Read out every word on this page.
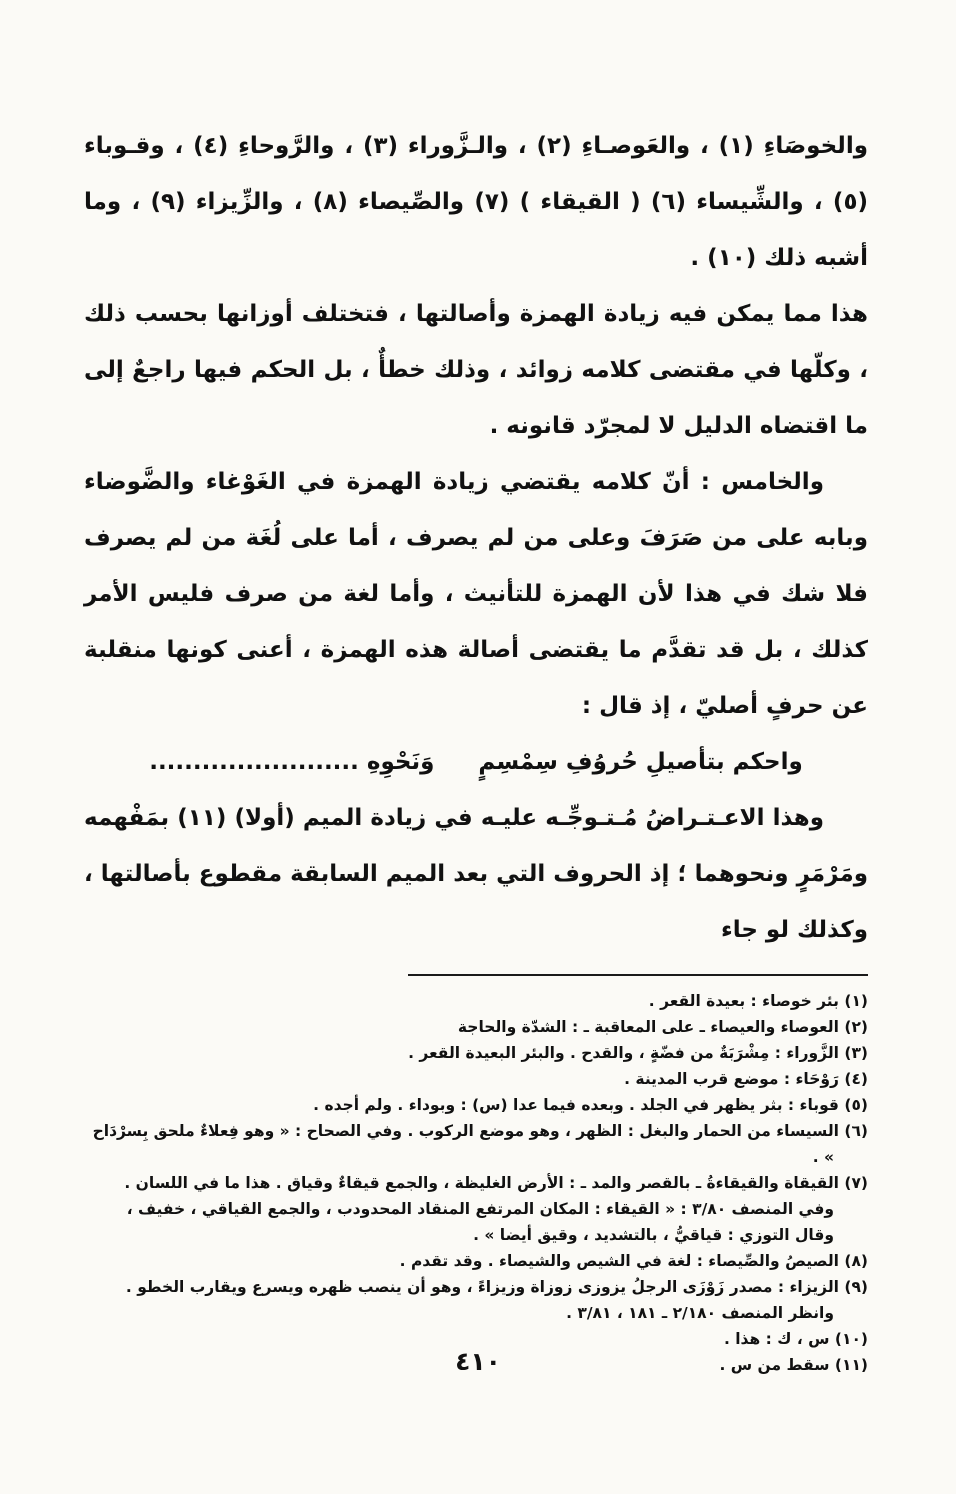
والخوصَاءِ (١) ، والعَوصـاءِ (٢) ، والـزَّوراء (٣) ، والرَّوحاءِ (٤) ، وقـوباء (٥) ، والشِّيساء (٦) ( القيقاء ) (٧) والصِّيصاء (٨) ، والزِّيزاء (٩) ، وما أشبه ذلك (١٠) .

هذا مما يمكن فيه زيادة الهمزة وأصالتها ، فتختلف أوزانها بحسب ذلك ، وكلّها في مقتضى كلامه زوائد ، وذلك خطأٌ ، بل الحكم فيها راجعٌ إلى ما اقتضاه الدليل لا لمجرّد قانونه .

والخامس : أنّ كلامه يقتضي زيادة الهمزة في الغَوْغاء والضَّوضاء وبابه على من صَرَفَ وعلى من لم يصرف ، أما على لُغَة من لم يصرف فلا شك في هذا لأن الهمزة للتأنيث ، وأما لغة من صرف فليس الأمر كذلك ، بل قد تقدَّم ما يقتضى أصالة هذه الهمزة ، أعنى كونها منقلبة عن حرفٍ أصليّ ، إذ قال :

واحكم بتأصيلِ حُروُفِ سِمْسِمٍ
وَنَحْوِهِ ........................

وهذا الاعـتـراضُ مُـتـوجِّـه عليـه في زيادة الميم (أولا) (١١) بمَفْهمه ومَرْمَرٍ ونحوهما ؛ إذ الحروف التي بعد الميم السابقة مقطوع بأصالتها ، وكذلك لو جاء

(١) بئر خوصاء : بعيدة القعر .

(٢) العوصاء والعيصاء ـ على المعاقبة ـ : الشدّة والحاجة

(٣) الزَّوراء : مِشْرَبَةٌ من فضّةٍ ، والقدح . والبئر البعيدة القعر .

(٤) رَوْحَاء : موضع قرب المدينة .

(٥) قوباء : بثر يظهر في الجلد . وبعده فيما عدا (س) : وبوداء . ولم أجده .

(٦) السيساء من الحمار والبغل : الظهر ، وهو موضع الركوب . وفي الصحاح : « وهو فِعلاءٌ ملحق بِسرْدَاح » .

(٧) القيقاة والقيقاءةُ ـ بالقصر والمد ـ : الأرض الغليظة ، والجمع قيقاءٌ وقياق . هذا ما في اللسان . وفي المنصف ٣/٨٠ : « القيقاء : المكان المرتفع المنقاد المحدودب ، والجمع القياقي ، خفيف ، وقال التوزي : قياقيُّ ، بالتشديد ، وقيق أيضا » .

(٨) الصيصُ والصِّيصاء : لغة في الشيص والشيصاء . وقد تقدم .

(٩) الزيزاء : مصدر زَوْزَى الرجلُ يزوزى زوزاة وزيزاءً ، وهو أن ينصب ظهره ويسرع ويقارب الخطو . وانظر المنصف ٢/١٨٠ ـ ١٨١ ، ٣/٨١ .

(١٠) س ، ك : هذا .

(١١) سقط من س .

٤١٠
